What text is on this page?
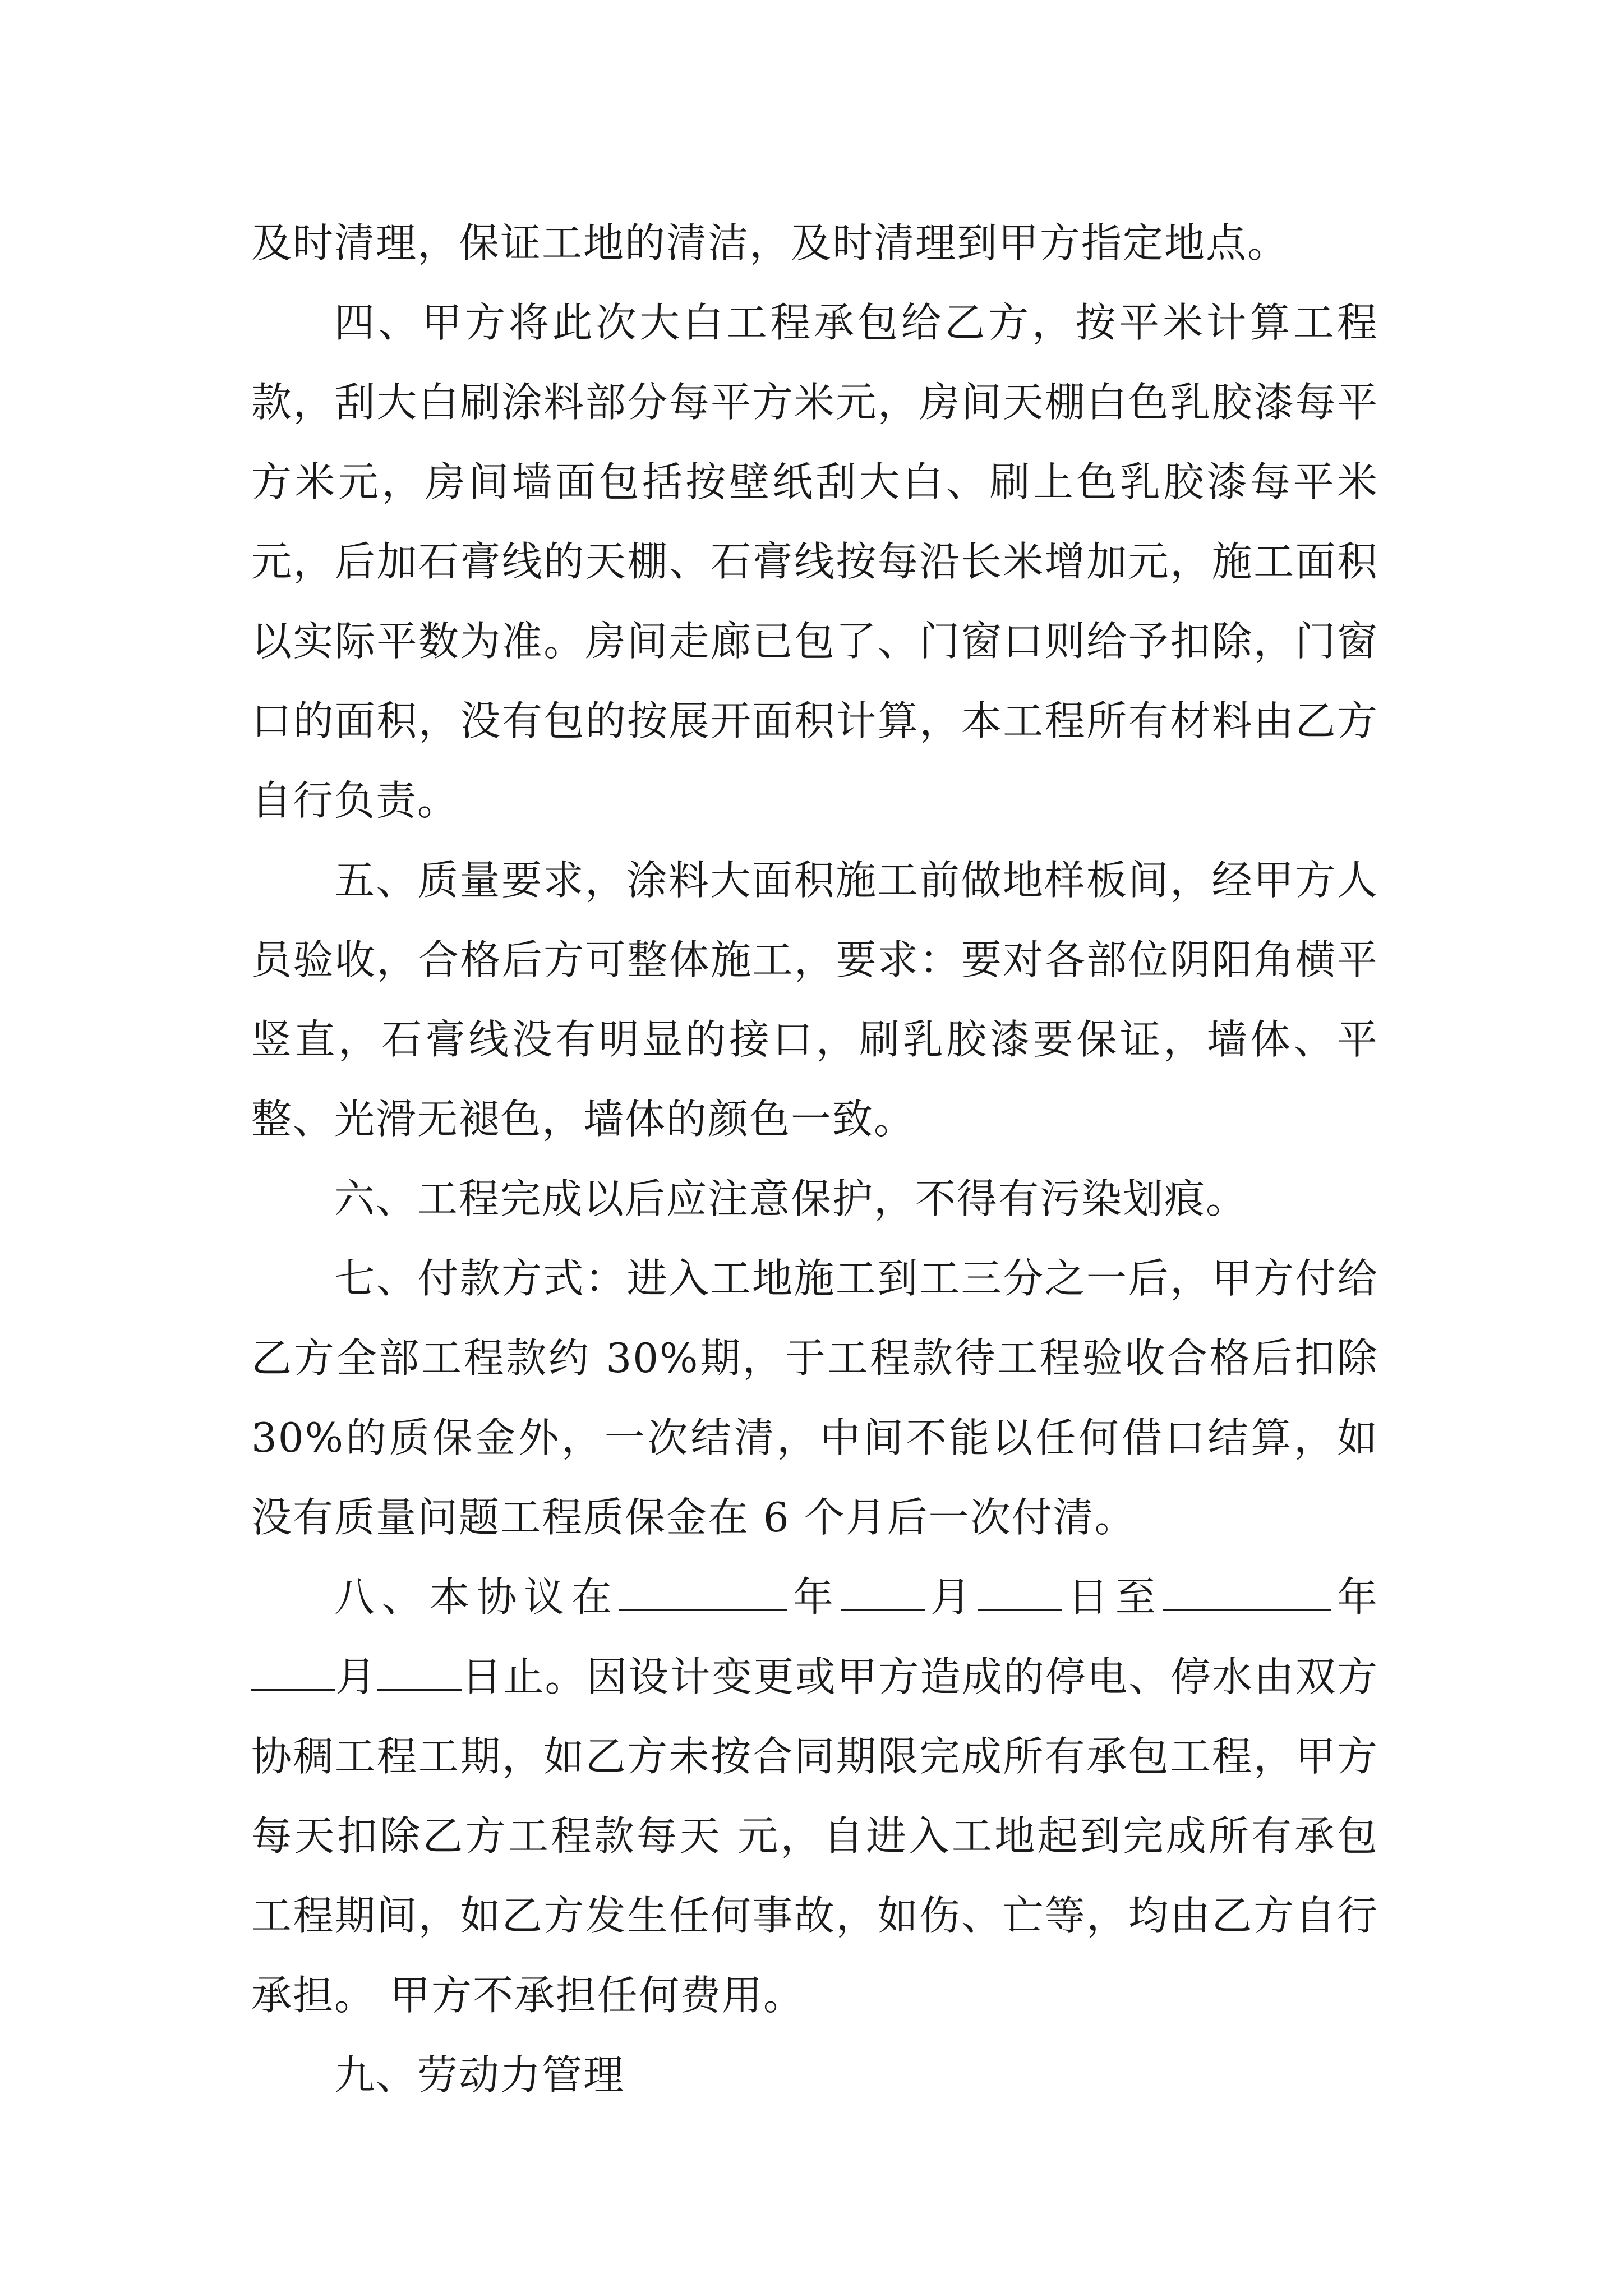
及时清理，保证工地的清洁，及时清理到甲方指定地点。

四、甲方将此次大白工程承包给乙方，按平米计算工程款，刮大白刷涂料部分每平方米元，房间天棚白色乳胶漆每平方米元，房间墙面包括按壁纸刮大白、刷上色乳胶漆每平米 元，后加石膏线的天棚、石膏线按每沿长米增加元，施工面积以实际平数为准。房间走廊已包了、门窗口则给予扣除，门窗口的面积，没有包的按展开面积计算，本工程所有材料由乙方自行负责。

五、质量要求，涂料大面积施工前做地样板间，经甲方人员验收，合格后方可整体施工，要求：要对各部位阴阳角横平竖直，石膏线没有明显的接口，刷乳胶漆要保证，墙体、平整、光滑无褪色，墙体的颜色一致。

六、工程完成以后应注意保护，不得有污染划痕。

七、付款方式：进入工地施工到工三分之一后，甲方付给乙方全部工程款约 30%期，于工程款待工程验收合格后扣除 30%的质保金外，一次结清，中间不能以任何借口结算，如没有质量问题工程质保金在 6 个月后一次付清。

八、本协议在	年 月 日至	年月 日止。因设计变更或甲方造成的停电、停水由双方协稠工程工期，如乙方未按合同期限完成所有承包工程，甲方每天扣除乙方工程款每天 元，自进入工地起到完成所有承包工程期间，如乙方发生任何事故，如伤、亡等，均由乙方自行承担。 甲方不承担任何费用。

九、劳动力管理
